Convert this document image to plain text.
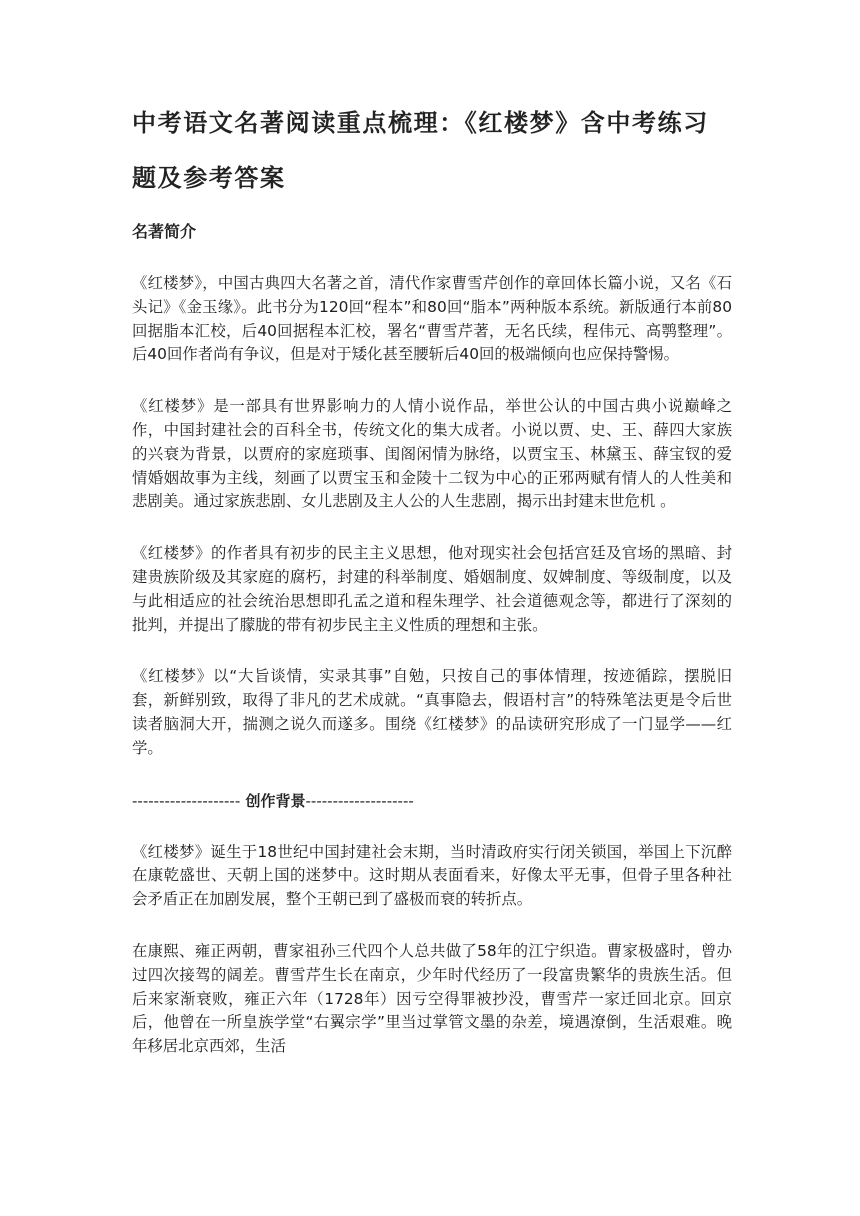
中考语文名著阅读重点梳理：《红楼梦》含中考练习题及参考答案
名著简介

《红楼梦》，中国古典四大名著之首，清代作家曹雪芹创作的章回体长篇小说，又名《石头记》《金玉缘》。此书分为120回“程本”和80回“脂本”两种版本系统。新版通行本前80回据脂本汇校，后40回据程本汇校，署名“曹雪芹著，无名氏续，程伟元、高鹗整理”。后40回作者尚有争议，但是对于矮化甚至腰斩后40回的极端倾向也应保持警惕。

《红楼梦》是一部具有世界影响力的人情小说作品，举世公认的中国古典小说巅峰之作，中国封建社会的百科全书，传统文化的集大成者。小说以贾、史、王、薛四大家族的兴衰为背景，以贾府的家庭琐事、闺阁闲情为脉络，以贾宝玉、林黛玉、薛宝钗的爱情婚姻故事为主线，刻画了以贾宝玉和金陵十二钗为中心的正邪两赋有情人的人性美和悲剧美。通过家族悲剧、女儿悲剧及主人公的人生悲剧，揭示出封建末世危机 。

《红楼梦》的作者具有初步的民主主义思想，他对现实社会包括宫廷及官场的黑暗、封建贵族阶级及其家庭的腐朽，封建的科举制度、婚姻制度、奴婢制度、等级制度，以及与此相适应的社会统治思想即孔孟之道和程朱理学、社会道德观念等，都进行了深刻的批判，并提出了朦胧的带有初步民主主义性质的理想和主张。

《红楼梦》以“大旨谈情，实录其事”自勉，只按自己的事体情理，按迹循踪，摆脱旧套，新鲜别致，取得了非凡的艺术成就。“真事隐去，假语村言”的特殊笔法更是令后世读者脑洞大开，揣测之说久而遂多。围绕《红楼梦》的品读研究形成了一门显学——红学。

-------------------- 创作背景--------------------

《红楼梦》诞生于18世纪中国封建社会末期，当时清政府实行闭关锁国，举国上下沉醉在康乾盛世、天朝上国的迷梦中。这时期从表面看来，好像太平无事，但骨子里各种社会矛盾正在加剧发展，整个王朝已到了盛极而衰的转折点。

在康熙、雍正两朝，曹家祖孙三代四个人总共做了58年的江宁织造。曹家极盛时，曾办过四次接驾的阔差。曹雪芹生长在南京，少年时代经历了一段富贵繁华的贵族生活。但后来家渐衰败，雍正六年（1728年）因亏空得罪被抄没，曹雪芹一家迁回北京。回京后，他曾在一所皇族学堂“右翼宗学”里当过掌管文墨的杂差，境遇潦倒，生活艰难。晚年移居北京西郊，生活
